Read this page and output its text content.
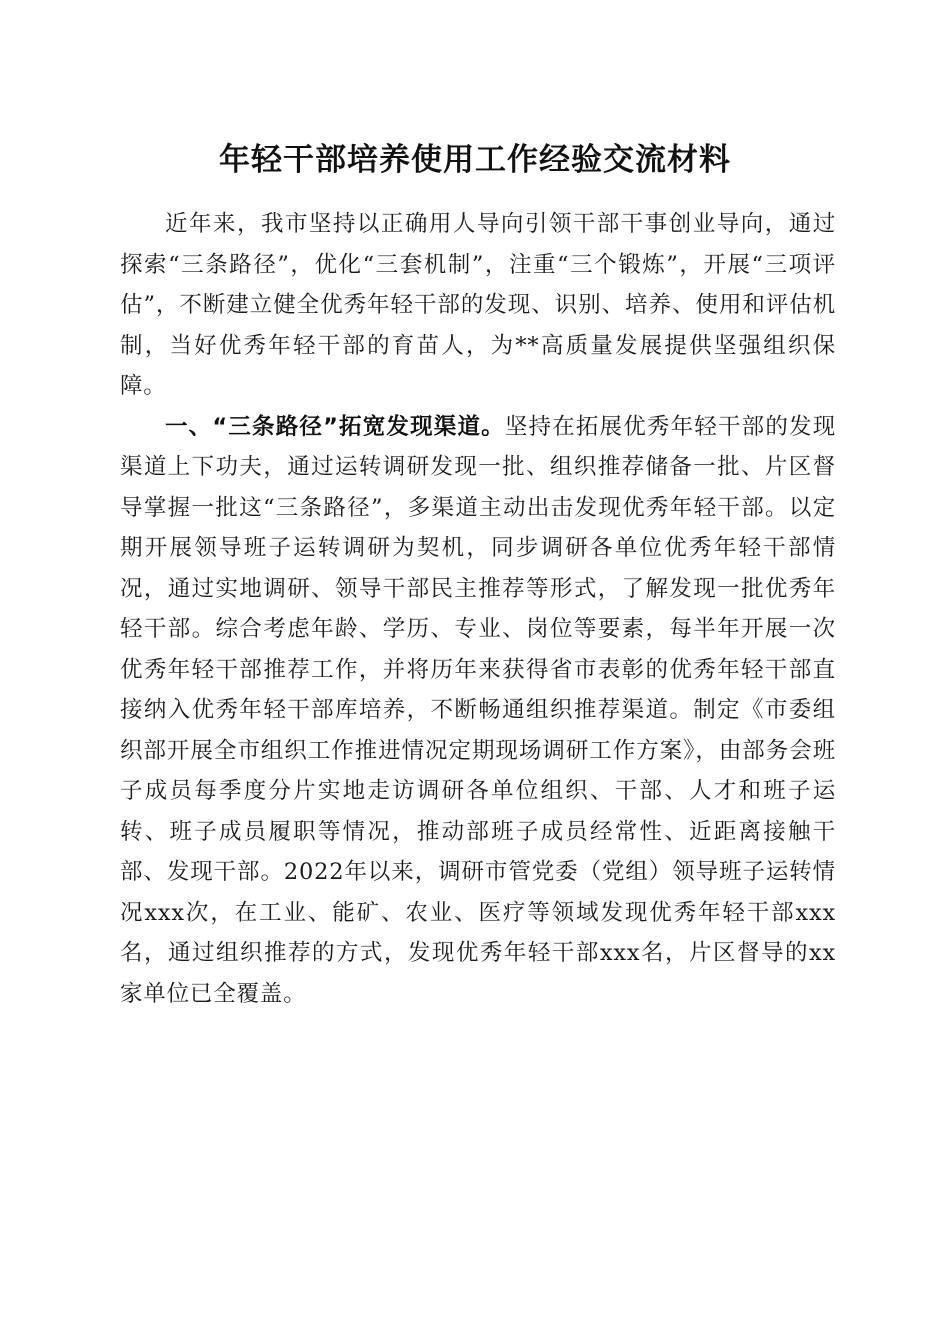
年轻干部培养使用工作经验交流材料

近年来，我市坚持以正确用人导向引领干部干事创业导向，通过探索“三条路径”，优化“三套机制”，注重“三个锻炼”，开展“三项评估”，不断建立健全优秀年轻干部的发现、识别、培养、使用和评估机制，当好优秀年轻干部的育苗人，为**高质量发展提供坚强组织保障。

一、“三条路径”拓宽发现渠道。坚持在拓展优秀年轻干部的发现渠道上下功夫，通过运转调研发现一批、组织推荐储备一批、片区督导掌握一批这“三条路径”，多渠道主动出击发现优秀年轻干部。以定期开展领导班子运转调研为契机，同步调研各单位优秀年轻干部情况，通过实地调研、领导干部民主推荐等形式，了解发现一批优秀年轻干部。综合考虑年龄、学历、专业、岗位等要素，每半年开展一次优秀年轻干部推荐工作，并将历年来获得省市表彰的优秀年轻干部直接纳入优秀年轻干部库培养，不断畅通组织推荐渠道。制定《市委组织部开展全市组织工作推进情况定期现场调研工作方案》，由部务会班子成员每季度分片实地走访调研各单位组织、干部、人才和班子运转、班子成员履职等情况，推动部班子成员经常性、近距离接触干部、发现干部。2022年以来，调研市管党委（党组）领导班子运转情况xxx次，在工业、能矿、农业、医疗等领域发现优秀年轻干部xxx名，通过组织推荐的方式，发现优秀年轻干部xxx名，片区督导的xx家单位已全覆盖。
